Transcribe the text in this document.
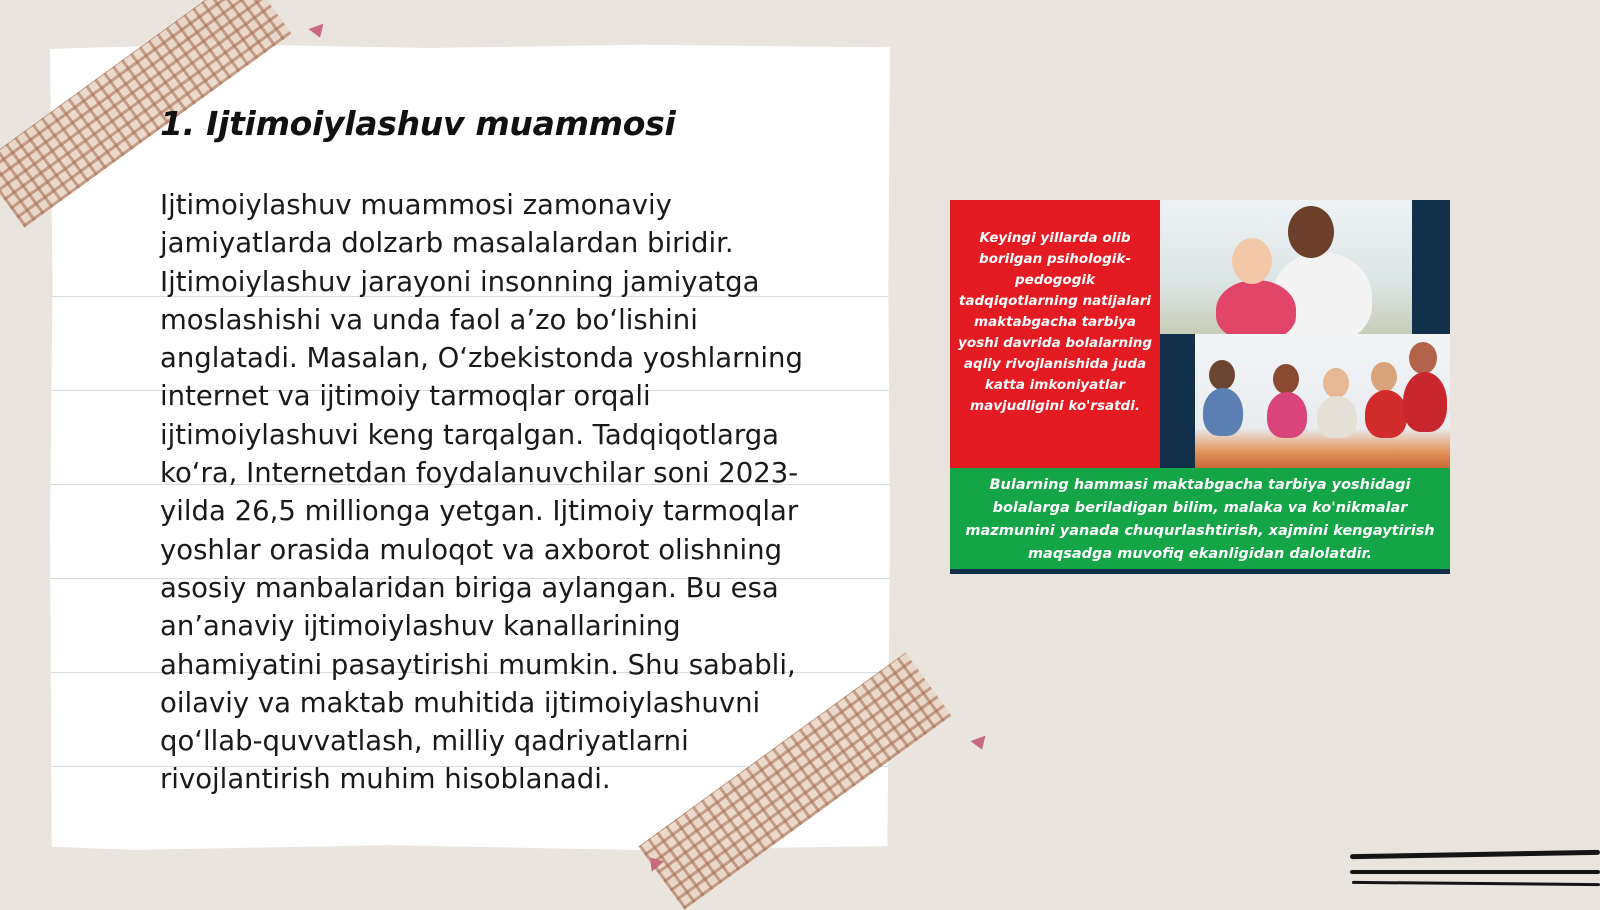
1. Ijtimoiylashuv muammosi

Ijtimoiylashuv muammosi zamonaviy jamiyatlarda dolzarb masalalardan biridir. Ijtimoiylashuv jarayoni insonning jamiyatga moslashishi va unda faol a’zo bo‘lishini anglatadi. Masalan, O‘zbekistonda yoshlarning internet va ijtimoiy tarmoqlar orqali ijtimoiylashuvi keng tarqalgan. Tadqiqotlarga ko‘ra, Internetdan foydalanuvchilar soni 2023-yilda 26,5 millionga yetgan. Ijtimoiy tarmoqlar yoshlar orasida muloqot va axborot olishning asosiy manbalaridan biriga aylangan. Bu esa an’anaviy ijtimoiylashuv kanallarining ahamiyatini pasaytirishi mumkin. Shu sababli, oilaviy va maktab muhitida ijtimoiylashuvni qo‘llab-quvvatlash, milliy qadriyatlarni rivojlantirish muhim hisoblanadi.

Keyingi yillarda olib borilgan psihologik-pedogogik tadqiqotlarning natijalari maktabgacha tarbiya yoshi davrida bolalarning aqliy rivojlanishida juda katta imkoniyatlar mavjudligini ko'rsatdi.
Bularning hammasi maktabgacha tarbiya yoshidagi bolalarga beriladigan bilim, malaka va ko'nikmalar mazmunini yanada chuqurlashtirish, xajmini kengaytirish maqsadga muvofiq ekanligidan dalolatdir.
